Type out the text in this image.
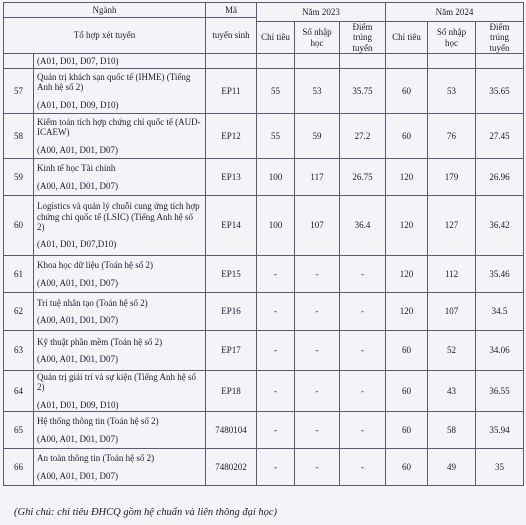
Ngành		Mã	Năm 2023			Năm 2024		
Tổ hợp xét tuyển		tuyển sinh						
			Chỉ tiêu	Số nhập học	Điểm trúng tuyển	Chỉ tiêu	Số nhập học	Điểm trúng tuyển
	(A01, D01, D07, D10)							
57	Quản trị khách sạn quốc tế (IHME) (Tiếng Anh hệ số 2)
(A01, D01, D09, D10)	EP11	55	53	35.75	60	53	35.65
58	Kiểm toán tích hợp chứng chỉ quốc tế (AUD-ICAEW)
(A00, A01, D01, D07)	EP12	55	59	27.2	60	76	27.45
59	Kinh tế học Tài chính
(A00, A01, D01, D07)	EP13	100	117	26.75	120	179	26.96
60	Logistics và quản lý chuỗi cung ứng tích hợp chứng chỉ quốc tế (LSIC) (Tiếng Anh hệ số 2)
(A01, D01, D07,D10)	EP14	100	107	36.4	120	127	36.42
61	Khoa học dữ liệu (Toán hệ số 2)
(A00, A01, D01, D07)	EP15	-	-	-	120	112	35.46
62	Trí tuệ nhân tạo (Toán hệ số 2)
(A00, A01, D01, D07)	EP16	-	-	-	120	107	34.5
63	Kỹ thuật phần mềm (Toán hệ số 2)
(A00, A01, D01, D07)	EP17	-	-	-	60	52	34.06
64	Quản trị giải trí và sự kiện (Tiếng Anh hệ số 2)
(A01, D01, D09, D10)	EP18	-	-	-	60	43	36.55
65	Hệ thống thông tin (Toán hệ số 2)
(A00, A01, D01, D07)	7480104	-	-	-	60	58	35.94
66	An toàn thông tin (Toán hệ số 2)
(A00, A01, D01, D07)	7480202	-	-	-	60	49	35
(Ghi chú: chỉ tiêu ĐHCQ gồm hệ chuẩn và liên thông đại học)
